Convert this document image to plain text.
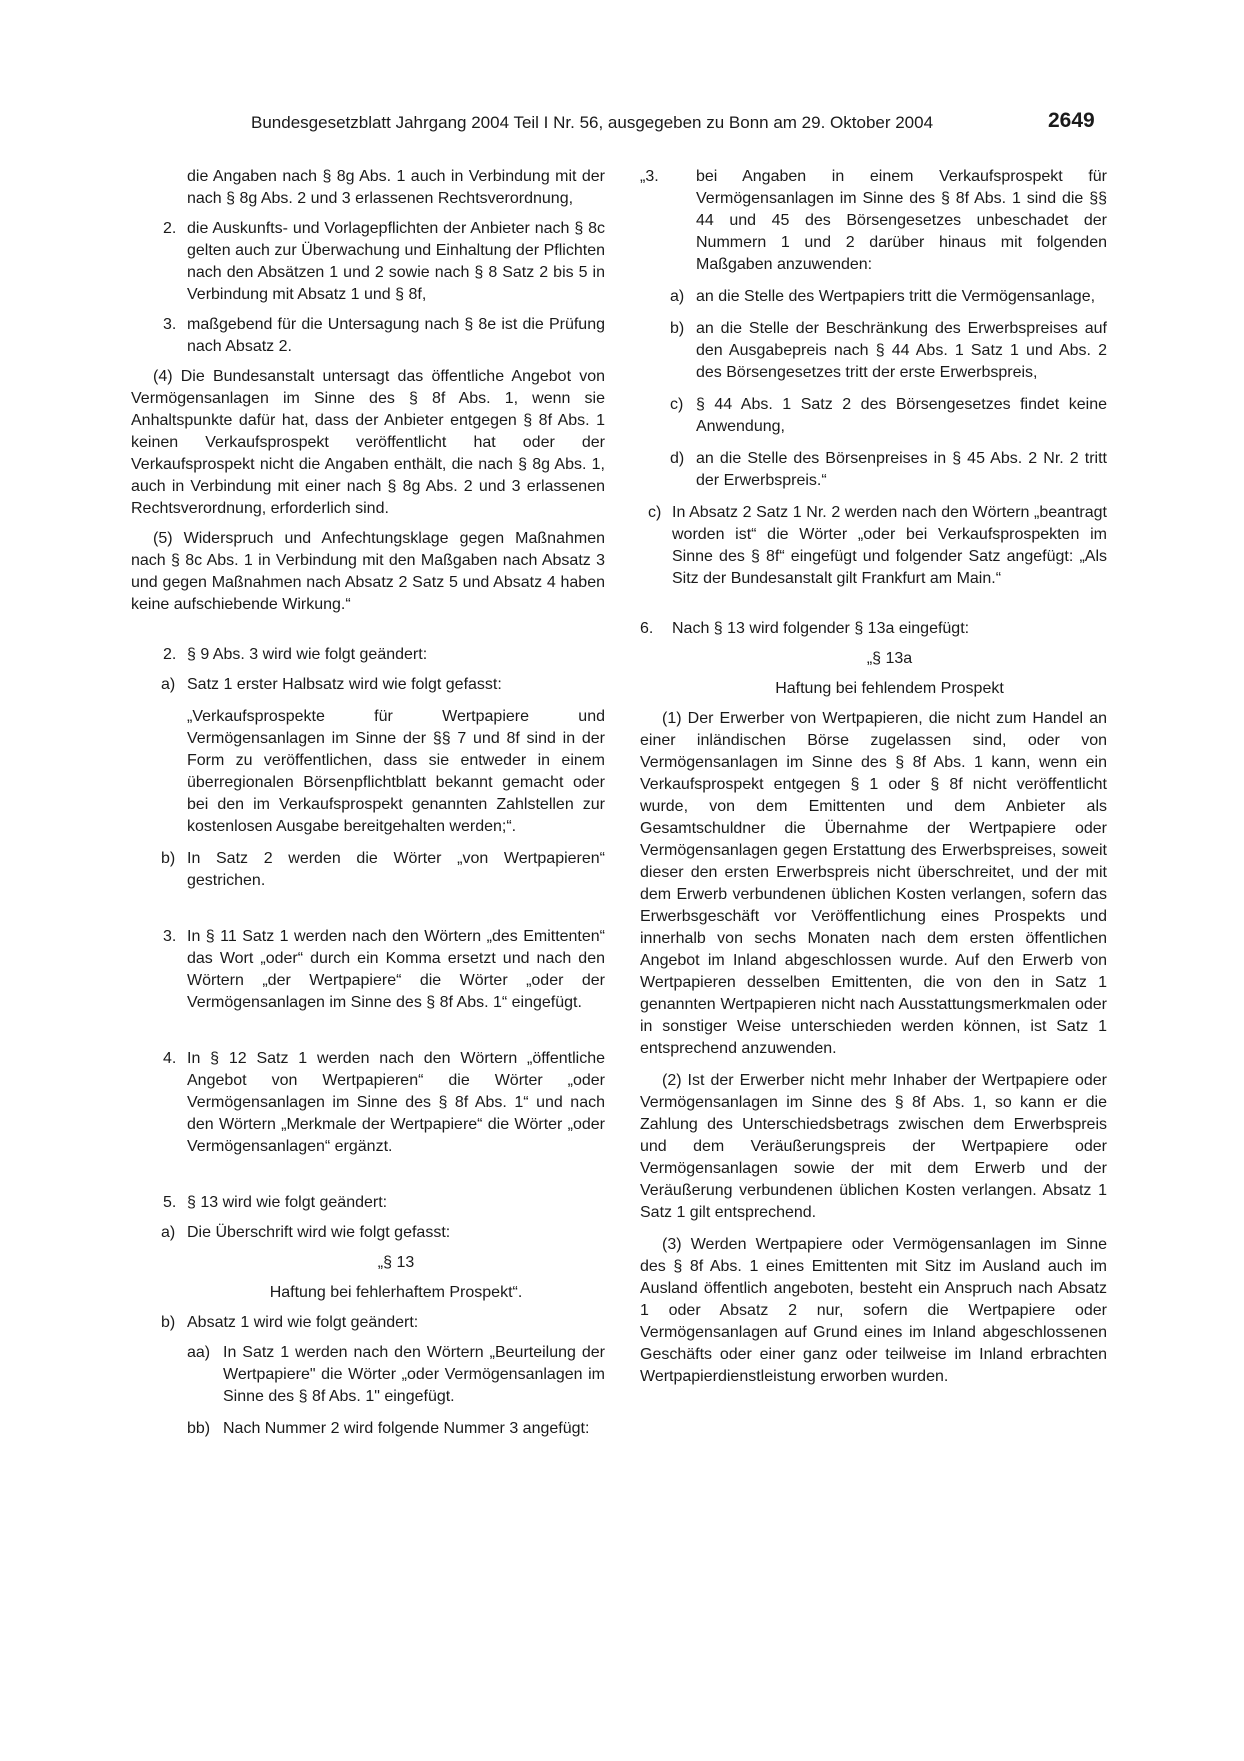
Bundesgesetzblatt Jahrgang 2004 Teil I Nr. 56, ausgegeben zu Bonn am 29. Oktober 2004	2649

die Angaben nach § 8g Abs. 1 auch in Verbindung mit der nach § 8g Abs. 2 und 3 erlassenen Rechtsverordnung,

2. die Auskunfts- und Vorlagepflichten der Anbieter nach § 8c gelten auch zur Überwachung und Einhaltung der Pflichten nach den Absätzen 1 und 2 sowie nach § 8 Satz 2 bis 5 in Verbindung mit Absatz 1 und § 8f,

3. maßgebend für die Untersagung nach § 8e ist die Prüfung nach Absatz 2.

(4) Die Bundesanstalt untersagt das öffentliche Angebot von Vermögensanlagen im Sinne des § 8f Abs. 1, wenn sie Anhaltspunkte dafür hat, dass der Anbieter entgegen § 8f Abs. 1 keinen Verkaufsprospekt veröffentlicht hat oder der Verkaufsprospekt nicht die Angaben enthält, die nach § 8g Abs. 1, auch in Verbindung mit einer nach § 8g Abs. 2 und 3 erlassenen Rechtsverordnung, erforderlich sind.

(5) Widerspruch und Anfechtungsklage gegen Maßnahmen nach § 8c Abs. 1 in Verbindung mit den Maßgaben nach Absatz 3 und gegen Maßnahmen nach Absatz 2 Satz 5 und Absatz 4 haben keine aufschiebende Wirkung.“

2. § 9 Abs. 3 wird wie folgt geändert:

a) Satz 1 erster Halbsatz wird wie folgt gefasst:

„Verkaufsprospekte für Wertpapiere und Vermögensanlagen im Sinne der §§ 7 und 8f sind in der Form zu veröffentlichen, dass sie entweder in einem überregionalen Börsenpflichtblatt bekannt gemacht oder bei den im Verkaufsprospekt genannten Zahlstellen zur kostenlosen Ausgabe bereitgehalten werden;“.

b) In Satz 2 werden die Wörter „von Wertpapieren“ gestrichen.

3. In § 11 Satz 1 werden nach den Wörtern „des Emittenten“ das Wort „oder“ durch ein Komma ersetzt und nach den Wörtern „der Wertpapiere“ die Wörter „oder der Vermögensanlagen im Sinne des § 8f Abs. 1“ eingefügt.

4. In § 12 Satz 1 werden nach den Wörtern „öffentliche Angebot von Wertpapieren“ die Wörter „oder Vermögensanlagen im Sinne des § 8f Abs. 1“ und nach den Wörtern „Merkmale der Wertpapiere“ die Wörter „oder Vermögensanlagen“ ergänzt.

5. § 13 wird wie folgt geändert:

a) Die Überschrift wird wie folgt gefasst:

„§ 13

Haftung bei fehlerhaftem Prospekt“.

b) Absatz 1 wird wie folgt geändert:

aa) In Satz 1 werden nach den Wörtern „Beurteilung der Wertpapiere" die Wörter „oder Vermögensanlagen im Sinne des § 8f Abs. 1" eingefügt.

bb) Nach Nummer 2 wird folgende Nummer 3 angefügt:

„3. bei Angaben in einem Verkaufsprospekt für Vermögensanlagen im Sinne des § 8f Abs. 1 sind die §§ 44 und 45 des Börsengesetzes unbeschadet der Nummern 1 und 2 darüber hinaus mit folgenden Maßgaben anzuwenden:

a) an die Stelle des Wertpapiers tritt die Vermögensanlage,

b) an die Stelle der Beschränkung des Erwerbspreises auf den Ausgabepreis nach § 44 Abs. 1 Satz 1 und Abs. 2 des Börsengesetzes tritt der erste Erwerbspreis,

c) § 44 Abs. 1 Satz 2 des Börsengesetzes findet keine Anwendung,

d) an die Stelle des Börsenpreises in § 45 Abs. 2 Nr. 2 tritt der Erwerbspreis.“

c) In Absatz 2 Satz 1 Nr. 2 werden nach den Wörtern „beantragt worden ist“ die Wörter „oder bei Verkaufsprospekten im Sinne des § 8f“ eingefügt und folgender Satz angefügt: „Als Sitz der Bundesanstalt gilt Frankfurt am Main.“

6. Nach § 13 wird folgender § 13a eingefügt:

„§ 13a

Haftung bei fehlendem Prospekt

(1) Der Erwerber von Wertpapieren, die nicht zum Handel an einer inländischen Börse zugelassen sind, oder von Vermögensanlagen im Sinne des § 8f Abs. 1 kann, wenn ein Verkaufsprospekt entgegen § 1 oder § 8f nicht veröffentlicht wurde, von dem Emittenten und dem Anbieter als Gesamtschuldner die Übernahme der Wertpapiere oder Vermögensanlagen gegen Erstattung des Erwerbspreises, soweit dieser den ersten Erwerbspreis nicht überschreitet, und der mit dem Erwerb verbundenen üblichen Kosten verlangen, sofern das Erwerbsgeschäft vor Veröffentlichung eines Prospekts und innerhalb von sechs Monaten nach dem ersten öffentlichen Angebot im Inland abgeschlossen wurde. Auf den Erwerb von Wertpapieren desselben Emittenten, die von den in Satz 1 genannten Wertpapieren nicht nach Ausstattungsmerkmalen oder in sonstiger Weise unterschieden werden können, ist Satz 1 entsprechend anzuwenden.

(2) Ist der Erwerber nicht mehr Inhaber der Wertpapiere oder Vermögensanlagen im Sinne des § 8f Abs. 1, so kann er die Zahlung des Unterschiedsbetrags zwischen dem Erwerbspreis und dem Veräußerungspreis der Wertpapiere oder Vermögensanlagen sowie der mit dem Erwerb und der Veräußerung verbundenen üblichen Kosten verlangen. Absatz 1 Satz 1 gilt entsprechend.

(3) Werden Wertpapiere oder Vermögensanlagen im Sinne des § 8f Abs. 1 eines Emittenten mit Sitz im Ausland auch im Ausland öffentlich angeboten, besteht ein Anspruch nach Absatz 1 oder Absatz 2 nur, sofern die Wertpapiere oder Vermögensanlagen auf Grund eines im Inland abgeschlossenen Geschäfts oder einer ganz oder teilweise im Inland erbrachten Wertpapierdienstleistung erworben wurden.
